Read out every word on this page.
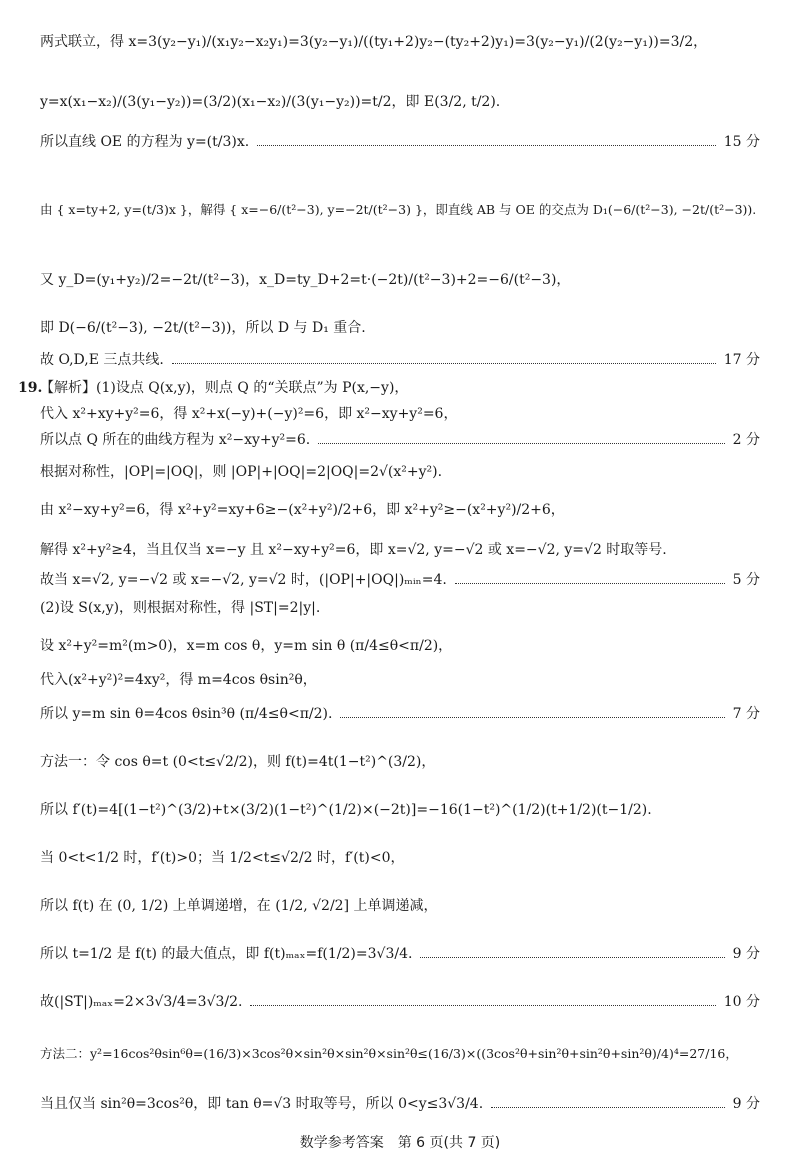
两式联立，得 x=3(y₂−y₁)/(x₁y₂−x₂y₁)=3(y₂−y₁)/((ty₁+2)y₂−(ty₂+2)y₁)=3(y₂−y₁)/(2(y₂−y₁))=3/2，
y=x(x₁−x₂)/(3(y₁−y₂))=(3/2)(x₁−x₂)/(3(y₁−y₂))=t/2，即 E(3/2, t/2).
所以直线 OE 的方程为 y=(t/3)x.	15 分
由 { x=ty+2, y=(t/3)x }，解得 { x=−6/(t²−3), y=−2t/(t²−3) }，即直线 AB 与 OE 的交点为 D₁(−6/(t²−3), −2t/(t²−3)).
又 y_D=(y₁+y₂)/2=−2t/(t²−3)，x_D=ty_D+2=t·(−2t)/(t²−3)+2=−6/(t²−3)，
即 D(−6/(t²−3), −2t/(t²−3))，所以 D 与 D₁ 重合.
故 O,D,E 三点共线.	17 分
19.
【解析】(1)设点 Q(x,y)，则点 Q 的“关联点”为 P(x,−y)，
代入 x²+xy+y²=6，得 x²+x(−y)+(−y)²=6，即 x²−xy+y²=6，
所以点 Q 所在的曲线方程为 x²−xy+y²=6.	2 分
根据对称性，|OP|=|OQ|，则 |OP|+|OQ|=2|OQ|=2√(x²+y²).
由 x²−xy+y²=6，得 x²+y²=xy+6≥−(x²+y²)/2+6，即 x²+y²≥−(x²+y²)/2+6，
解得 x²+y²≥4，当且仅当 x=−y 且 x²−xy+y²=6，即 x=√2, y=−√2 或 x=−√2, y=√2 时取等号.
故当 x=√2, y=−√2 或 x=−√2, y=√2 时，(|OP|+|OQ|)ₘᵢₙ=4.	5 分
(2)设 S(x,y)，则根据对称性，得 |ST|=2|y|.
设 x²+y²=m²(m>0)，x=m cos θ，y=m sin θ (π/4≤θ<π/2)，
代入(x²+y²)²=4xy²，得 m=4cos θsin²θ，
所以 y=m sin θ=4cos θsin³θ (π/4≤θ<π/2).	7 分
方法一：令 cos θ=t (0<t≤√2/2)，则 f(t)=4t(1−t²)^(3/2)，
所以 f′(t)=4[(1−t²)^(3/2)+t×(3/2)(1−t²)^(1/2)×(−2t)]=−16(1−t²)^(1/2)(t+1/2)(t−1/2).
当 0<t<1/2 时，f′(t)>0；当 1/2<t≤√2/2 时，f′(t)<0，
所以 f(t) 在 (0, 1/2) 上单调递增，在 (1/2, √2/2] 上单调递减，
所以 t=1/2 是 f(t) 的最大值点，即 f(t)ₘₐₓ=f(1/2)=3√3/4.	9 分
故(|ST|)ₘₐₓ=2×3√3/4=3√3/2.	10 分
方法二：y²=16cos²θsin⁶θ=(16/3)×3cos²θ×sin²θ×sin²θ×sin²θ≤(16/3)×((3cos²θ+sin²θ+sin²θ+sin²θ)/4)⁴=27/16，
当且仅当 sin²θ=3cos²θ，即 tan θ=√3 时取等号，所以 0<y≤3√3/4.	9 分
数学参考答案　第 6 页(共 7 页)
